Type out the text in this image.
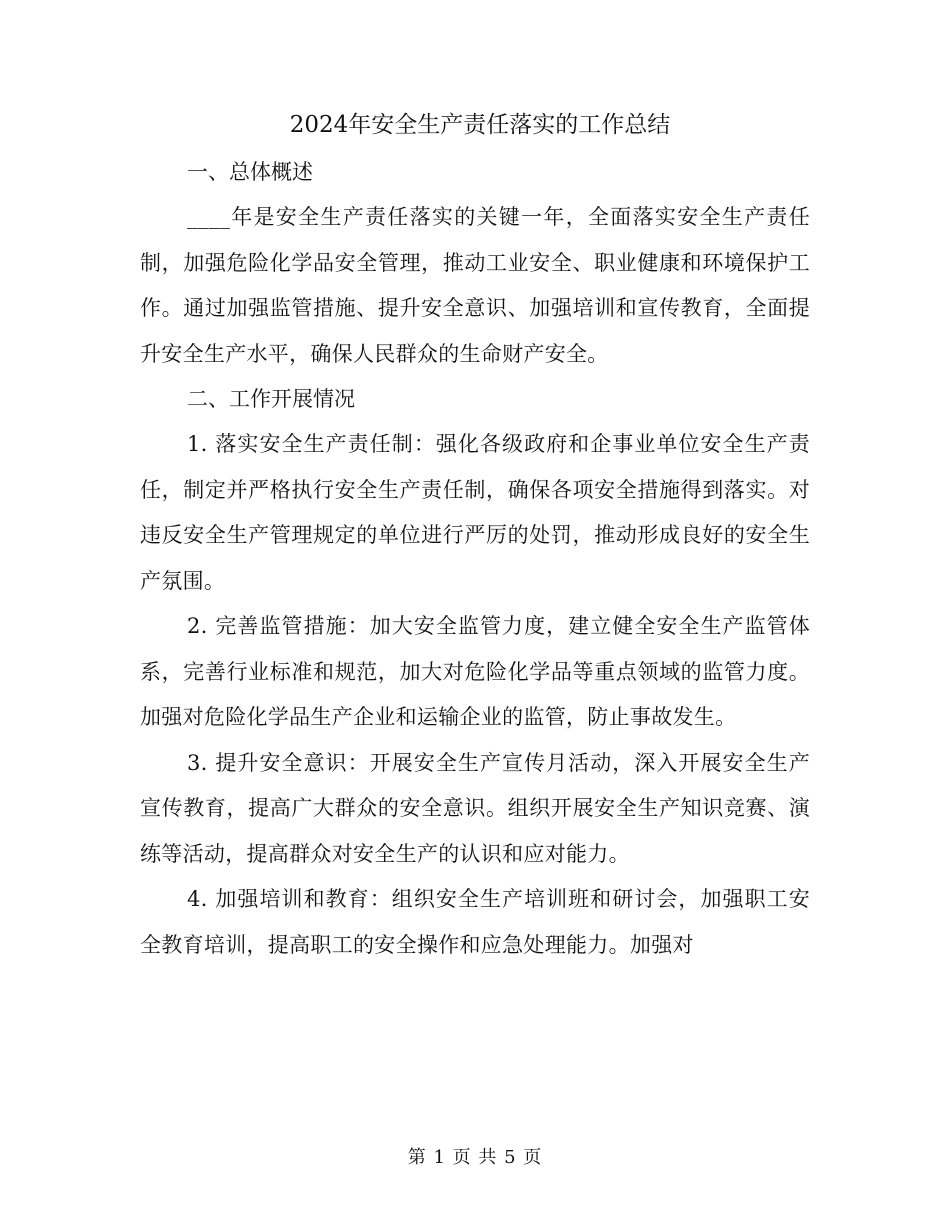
2024年安全生产责任落实的工作总结

一、总体概述

____年是安全生产责任落实的关键一年，全面落实安全生产责任制，加强危险化学品安全管理，推动工业安全、职业健康和环境保护工作。通过加强监管措施、提升安全意识、加强培训和宣传教育，全面提升安全生产水平，确保人民群众的生命财产安全。

二、工作开展情况

1. 落实安全生产责任制：强化各级政府和企事业单位安全生产责任，制定并严格执行安全生产责任制，确保各项安全措施得到落实。对违反安全生产管理规定的单位进行严厉的处罚，推动形成良好的安全生产氛围。

2. 完善监管措施：加大安全监管力度，建立健全安全生产监管体系，完善行业标准和规范，加大对危险化学品等重点领域的监管力度。加强对危险化学品生产企业和运输企业的监管，防止事故发生。

3. 提升安全意识：开展安全生产宣传月活动，深入开展安全生产宣传教育，提高广大群众的安全意识。组织开展安全生产知识竞赛、演练等活动，提高群众对安全生产的认识和应对能力。

4. 加强培训和教育：组织安全生产培训班和研讨会，加强职工安全教育培训，提高职工的安全操作和应急处理能力。加强对

第 1 页 共 5 页
